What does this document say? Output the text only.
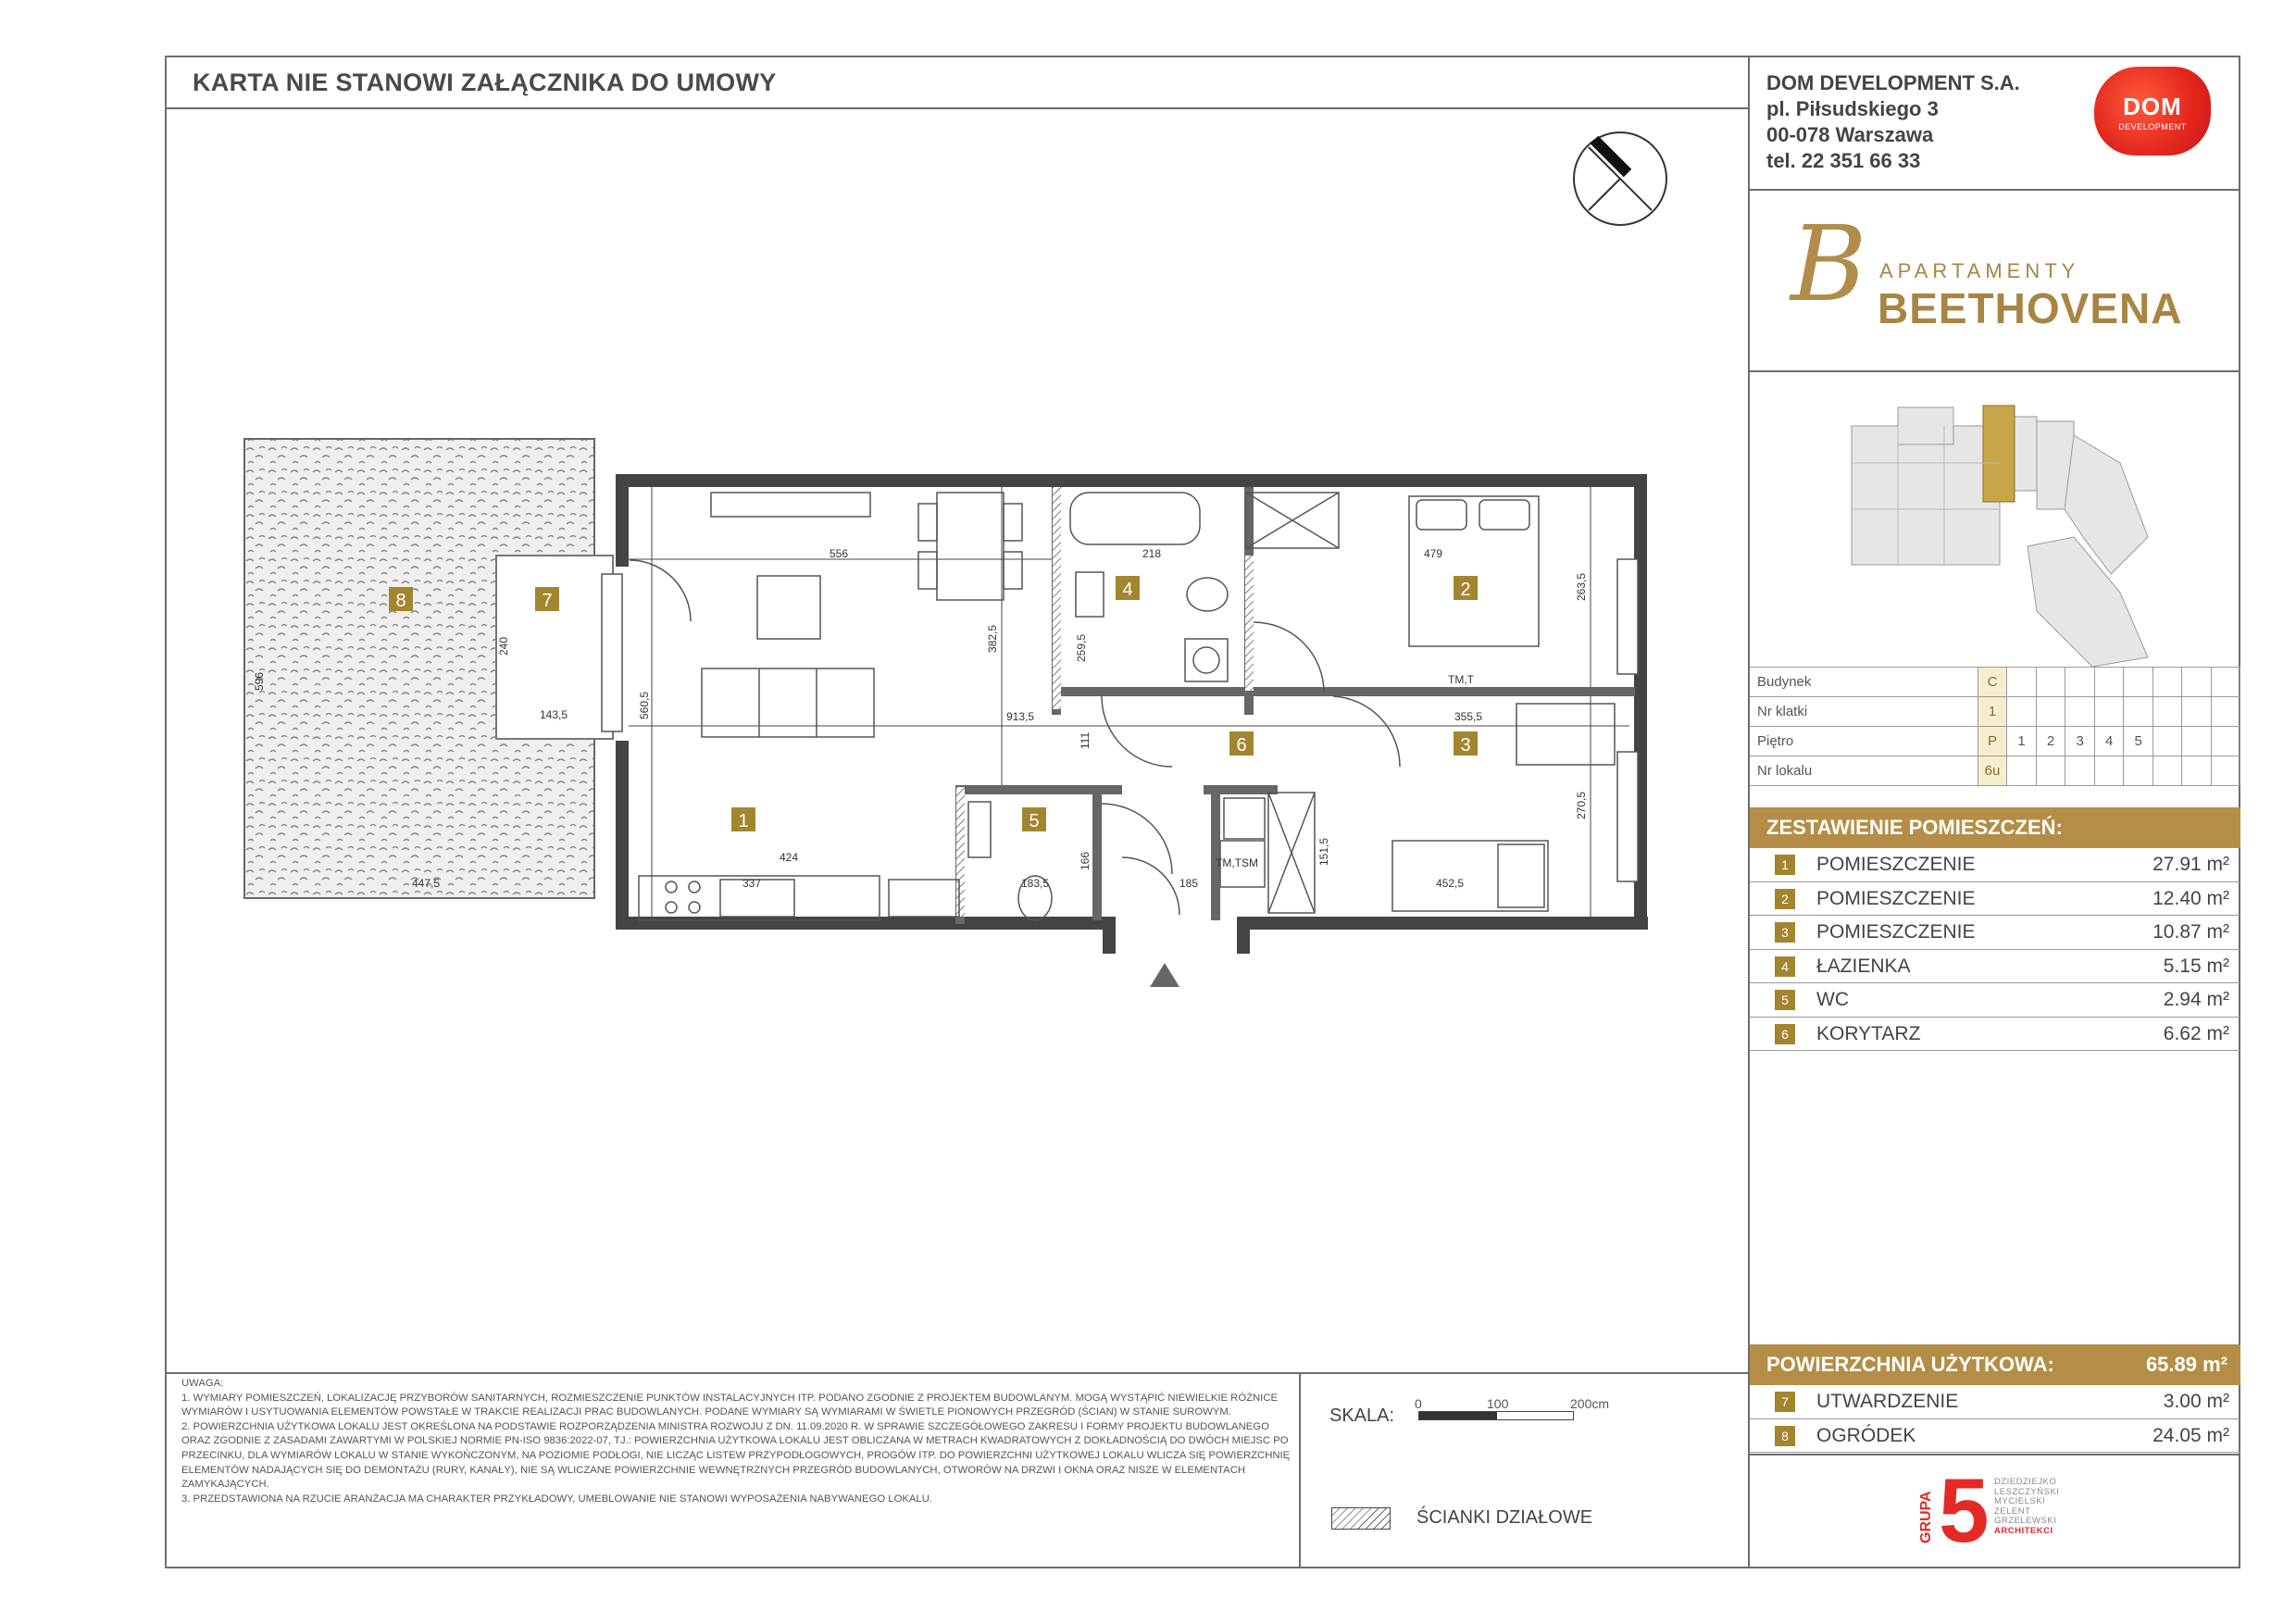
KARTA NIE STANOWI ZAŁĄCZNIKA DO UMOWY
1
2
3
4
5
6
7
8
556
382,5
913,5
560,5
424
218
259,5
111
166
183,5	185
151,5
479
263,5
355,5
270,5
452,5
240
143,5
596
447,5	337
TM,T
TM,TSM
DOM DEVELOPMENT S.A.
pl. Piłsudskiego 3
00-078 Warszawa
tel. 22 351 66 33
DOM
DEVELOPMENT
B APARTAMENTY
BEETHOVENA
Budynek	C								
Nr klatki	1								
Piętro	P	1	2	3	4	5			
Nr lokalu	6u								
ZESTAWIENIE POMIESZCZEŃ:
1	POMIESZCZENIE	27.91 m²
2	POMIESZCZENIE	12.40 m²
3	POMIESZCZENIE	10.87 m²
4	ŁAZIENKA	5.15 m²
5	WC	2.94 m²
6	KORYTARZ	6.62 m²
POWIERZCHNIA UŻYTKOWA:	65.89 m²
7	UTWARDZENIE	3.00 m²
8	OGRÓDEK	24.05 m²
UWAGA:
1. WYMIARY POMIESZCZEŃ, LOKALIZACJĘ PRZYBORÓW SANITARNYCH, ROZMIESZCZENIE PUNKTÓW INSTALACYJNYCH ITP. PODANO ZGODNIE Z PROJEKTEM BUDOWLANYM. MOGĄ WYSTĄPIĆ NIEWIELKIE RÓŻNICE WYMIARÓW I USYTUOWANIA ELEMENTÓW POWSTAŁE W TRAKCIE REALIZACJI PRAC BUDOWLANYCH. PODANE WYMIARY SĄ WYMIARAMI W ŚWIETLE PIONOWYCH PRZEGRÓD (ŚCIAN) W STANIE SUROWYM.
2. POWIERZCHNIA UŻYTKOWA LOKALU JEST OKREŚLONA NA PODSTAWIE ROZPORZĄDZENIA MINISTRA ROZWOJU Z DN. 11.09.2020 R. W SPRAWIE SZCZEGÓŁOWEGO ZAKRESU I FORMY PROJEKTU BUDOWLANEGO ORAZ ZGODNIE Z ZASADAMI ZAWARTYMI W POLSKIEJ NORMIE PN-ISO 9836:2022-07, TJ.: POWIERZCHNIA UŻYTKOWA LOKALU JEST OBLICZANA W METRACH KWADRATOWYCH Z DOKŁADNOŚCIĄ DO DWÓCH MIEJSC PO PRZECINKU, DLA WYMIARÓW LOKALU W STANIE WYKOŃCZONYM, NA POZIOMIE PODŁOGI, NIE LICZĄC LISTEW PRZYPODŁOGOWYCH, PROGÓW ITP. DO POWIERZCHNI UŻYTKOWEJ LOKALU WLICZA SIĘ POWIERZCHNIĘ ELEMENTÓW NADAJĄCYCH SIĘ DO DEMONTAŻU (RURY, KANAŁY), NIE SĄ WLICZANE POWIERZCHNIE WEWNĘTRZNYCH PRZEGRÓD BUDOWLANYCH, OTWORÓW NA DRZWI I OKNA ORAZ NISZE W ELEMENTACH ZAMYKAJĄCYCH.
3. PRZEDSTAWIONA NA RZUCIE ARANŻACJA MA CHARAKTER PRZYKŁADOWY, UMEBLOWANIE NIE STANOWI WYPOSAŻENIA NABYWANEGO LOKALU.
SKALA:
0	100	200cm
ŚCIANKI DZIAŁOWE	GRUPA 5 DZIEDZIEJKO
LESZCZYŃSKI
MYCIELSKI
ZELENT
GRZELEWSKI
ARCHITEKCI
